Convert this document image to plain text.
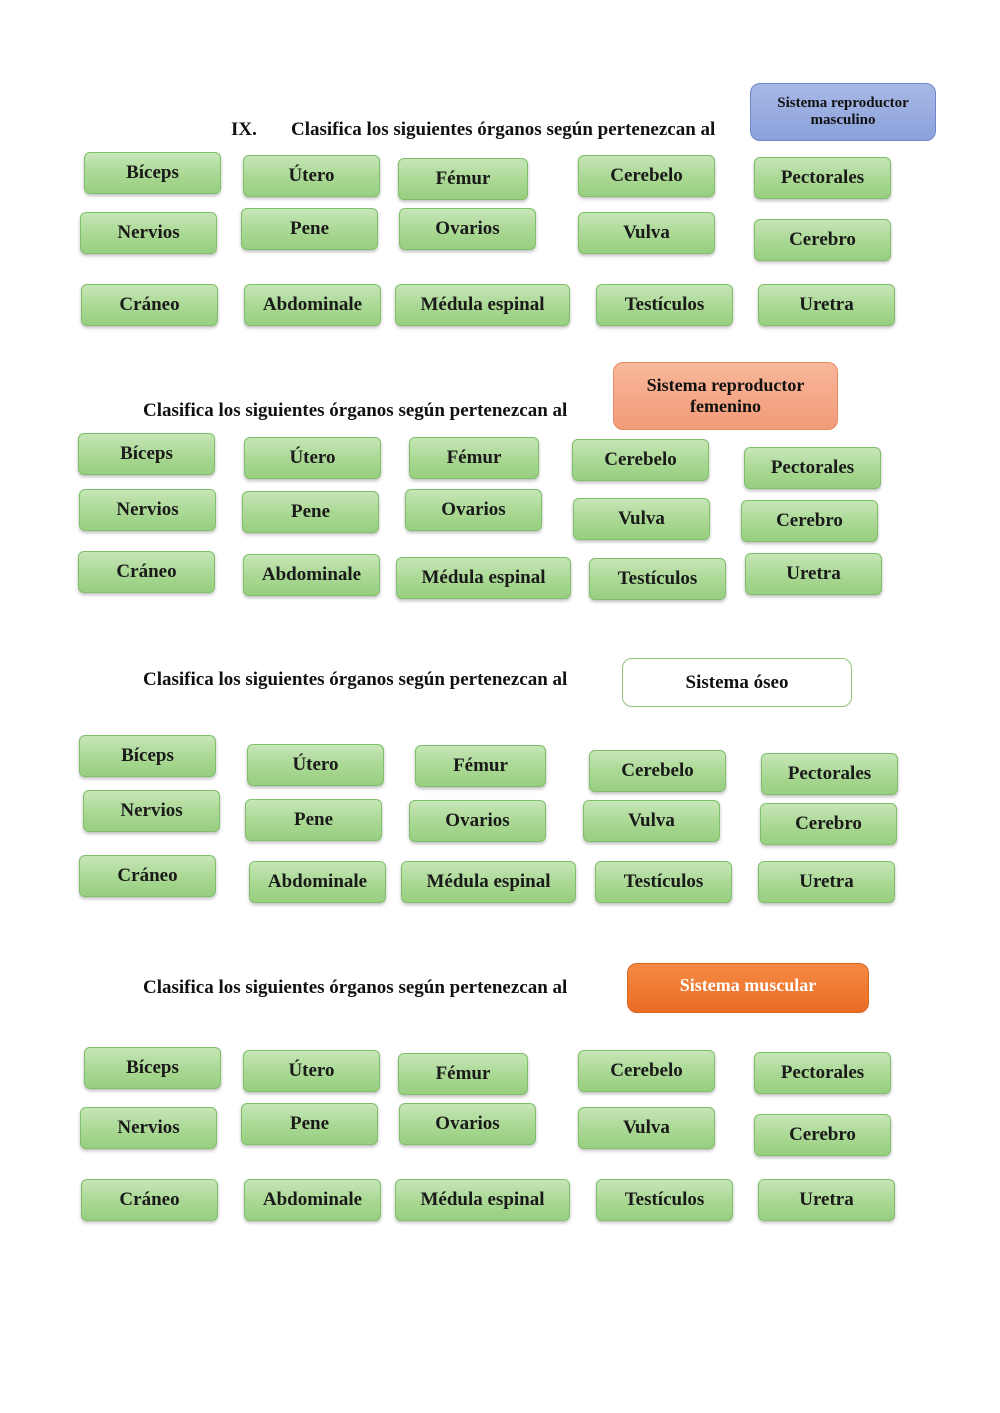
IX. Clasifica los siguientes órganos según pertenezcan al
Sistema reproductor masculino
Bíceps	Útero	Fémur	Cerebelo	Pectorales
Nervios	Pene	Ovarios	Vulva	Cerebro
Cráneo	Abdominale	Médula espinal	Testículos	Uretra
Clasifica los siguientes órganos según pertenezcan al
Sistema reproductor femenino
Bíceps	Útero	Fémur	Cerebelo	Pectorales
Nervios	Pene	Ovarios	Vulva	Cerebro
Cráneo	Abdominale	Médula espinal	Testículos	Uretra
Clasifica los siguientes órganos según pertenezcan al	Sistema óseo
Bíceps	Útero	Fémur	Cerebelo	Pectorales
Nervios	Pene	Ovarios	Vulva	Cerebro
Cráneo	Abdominale	Médula espinal	Testículos	Uretra
Clasifica los siguientes órganos según pertenezcan al	Sistema muscular
Bíceps	Útero	Fémur	Cerebelo	Pectorales
Nervios	Pene	Ovarios	Vulva	Cerebro
Cráneo	Abdominale	Médula espinal	Testículos	Uretra
